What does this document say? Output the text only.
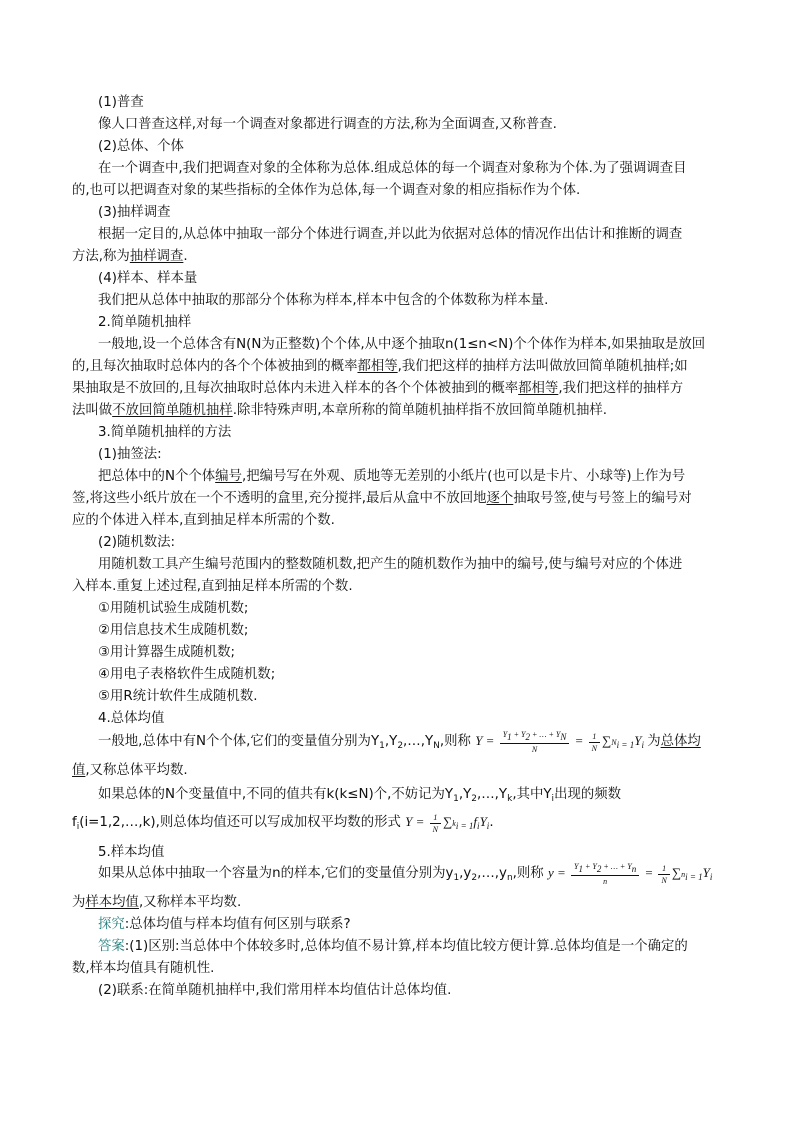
(1)普查
像人口普查这样,对每一个调查对象都进行调查的方法,称为全面调查,又称普查.
(2)总体、个体
在一个调查中,我们把调查对象的全体称为总体.组成总体的每一个调查对象称为个体.为了强调调查目
的,也可以把调查对象的某些指标的全体作为总体,每一个调查对象的相应指标作为个体.
(3)抽样调查
根据一定目的,从总体中抽取一部分个体进行调查,并以此为依据对总体的情况作出估计和推断的调查
方法,称为抽样调查.
(4)样本、样本量
我们把从总体中抽取的那部分个体称为样本,样本中包含的个体数称为样本量.
2.简单随机抽样
一般地,设一个总体含有N(N为正整数)个个体,从中逐个抽取n(1≤n<N)个个体作为样本,如果抽取是放回
的,且每次抽取时总体内的各个个体被抽到的概率都相等,我们把这样的抽样方法叫做放回简单随机抽样;如
果抽取是不放回的,且每次抽取时总体内未进入样本的各个个体被抽到的概率都相等,我们把这样的抽样方
法叫做不放回简单随机抽样.除非特殊声明,本章所称的简单随机抽样指不放回简单随机抽样.
3.简单随机抽样的方法
(1)抽签法:
把总体中的N个个体编号,把编号写在外观、质地等无差别的小纸片(也可以是卡片、小球等)上作为号
签,将这些小纸片放在一个不透明的盒里,充分搅拌,最后从盒中不放回地逐个抽取号签,使与号签上的编号对
应的个体进入样本,直到抽足样本所需的个数.
(2)随机数法:
用随机数工具产生编号范围内的整数随机数,把产生的随机数作为抽中的编号,使与编号对应的个体进
入样本.重复上述过程,直到抽足样本所需的个数.
①用随机试验生成随机数;
②用信息技术生成随机数;
③用计算器生成随机数;
④用电子表格软件生成随机数;
⑤用R统计软件生成随机数.
4.总体均值
一般地,总体中有N个个体,它们的变量值分别为$Y_1,Y_2,\dots,Y_N$,则称 $Y = \frac{Y_1 + Y_2 + \dots + Y_N}{N} = \frac{1}{N} \sum N_{i = 1}Y_i$ 为总体均
值,又称总体平均数.
如果总体的N个变量值中,不同的值共有k(k≤N)个,不妨记为$Y_1,Y_2,\dots,Y_k$,其中$Y_i$出现的频数
$f_i(i=1,2,\dots,k)$,则总体均值还可以写成加权平均数的形式 $Y = \frac{1}{N} \sum k_{i = 1}f_iY_i$.
5.样本均值
如果从总体中抽取一个容量为n的样本,它们的变量值分别为$y_1,y_2,\dots,y_n$,则称 $y = \frac{Y_1 + Y_2 + \dots + Y_n}{n} = \frac{1}{N} \sum n_{i = 1}Y_i$
为样本均值,又称样本平均数.
探究:总体均值与样本均值有何区别与联系?
答案:(1)区别:当总体中个体较多时,总体均值不易计算,样本均值比较方便计算.总体均值是一个确定的
数,样本均值具有随机性.
(2)联系:在简单随机抽样中,我们常用样本均值估计总体均值.
